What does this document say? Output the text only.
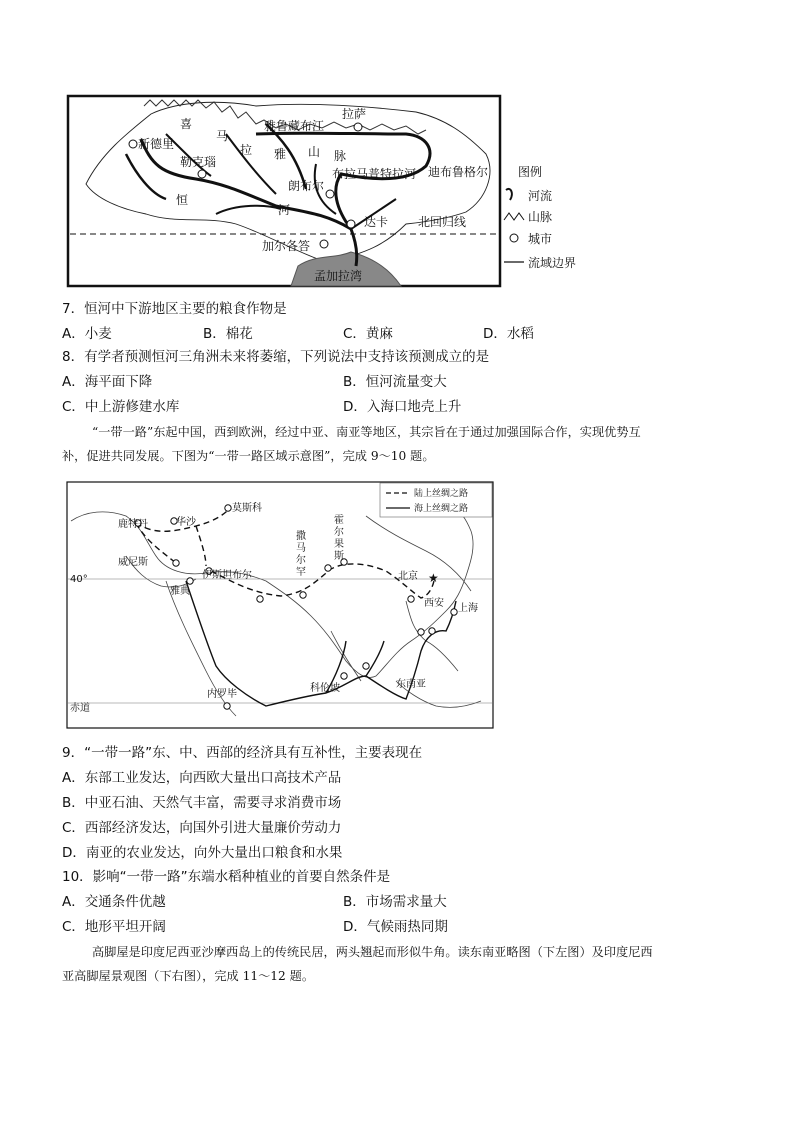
喜
马
拉 雅 山 脉
雅鲁藏布江
拉萨
新德里
勒克瑙
布拉马普特拉河
朗布尔
迪布鲁格尔
恒
河
达卡 北回归线
加尔各答
孟加拉湾
图例
河流
山脉
城市
流域边界
7．恒河中下游地区主要的粮食作物是
A．小麦	B．棉花	C．黄麻	D．水稻
8．有学者预测恒河三角洲未来将萎缩，下列说法中支持该预测成立的是
A．海平面下降	B．恒河流量变大
C．中上游修建水库	D．入海口地壳上升
“一带一路”东起中国，西到欧洲，经过中亚、南亚等地区，其宗旨在于通过加强国际合作，实现优势互
补，促进共同发展。下图为“一带一路区域示意图”，完成 9～10 题。
★
鹿特丹	华沙
莫斯科
威尼斯
伊斯坦布尔
雅典
撒
马
尔
罕
霍
尔
果
斯
北京
西安 上海
内罗毕
科伦坡	东南亚
40°
赤道
陆上丝绸之路
海上丝绸之路
9．“一带一路”东、中、西部的经济具有互补性，主要表现在
A．东部工业发达，向西欧大量出口高技术产品
B．中亚石油、天然气丰富，需要寻求消费市场
C．西部经济发达，向国外引进大量廉价劳动力
D．南亚的农业发达，向外大量出口粮食和水果
10．影响“一带一路”东端水稻种植业的首要自然条件是
A．交通条件优越	B．市场需求量大
C．地形平坦开阔	D．气候雨热同期
高脚屋是印度尼西亚沙摩西岛上的传统民居，两头翘起而形似牛角。读东南亚略图（下左图）及印度尼西
亚高脚屋景观图（下右图），完成 11～12 题。
